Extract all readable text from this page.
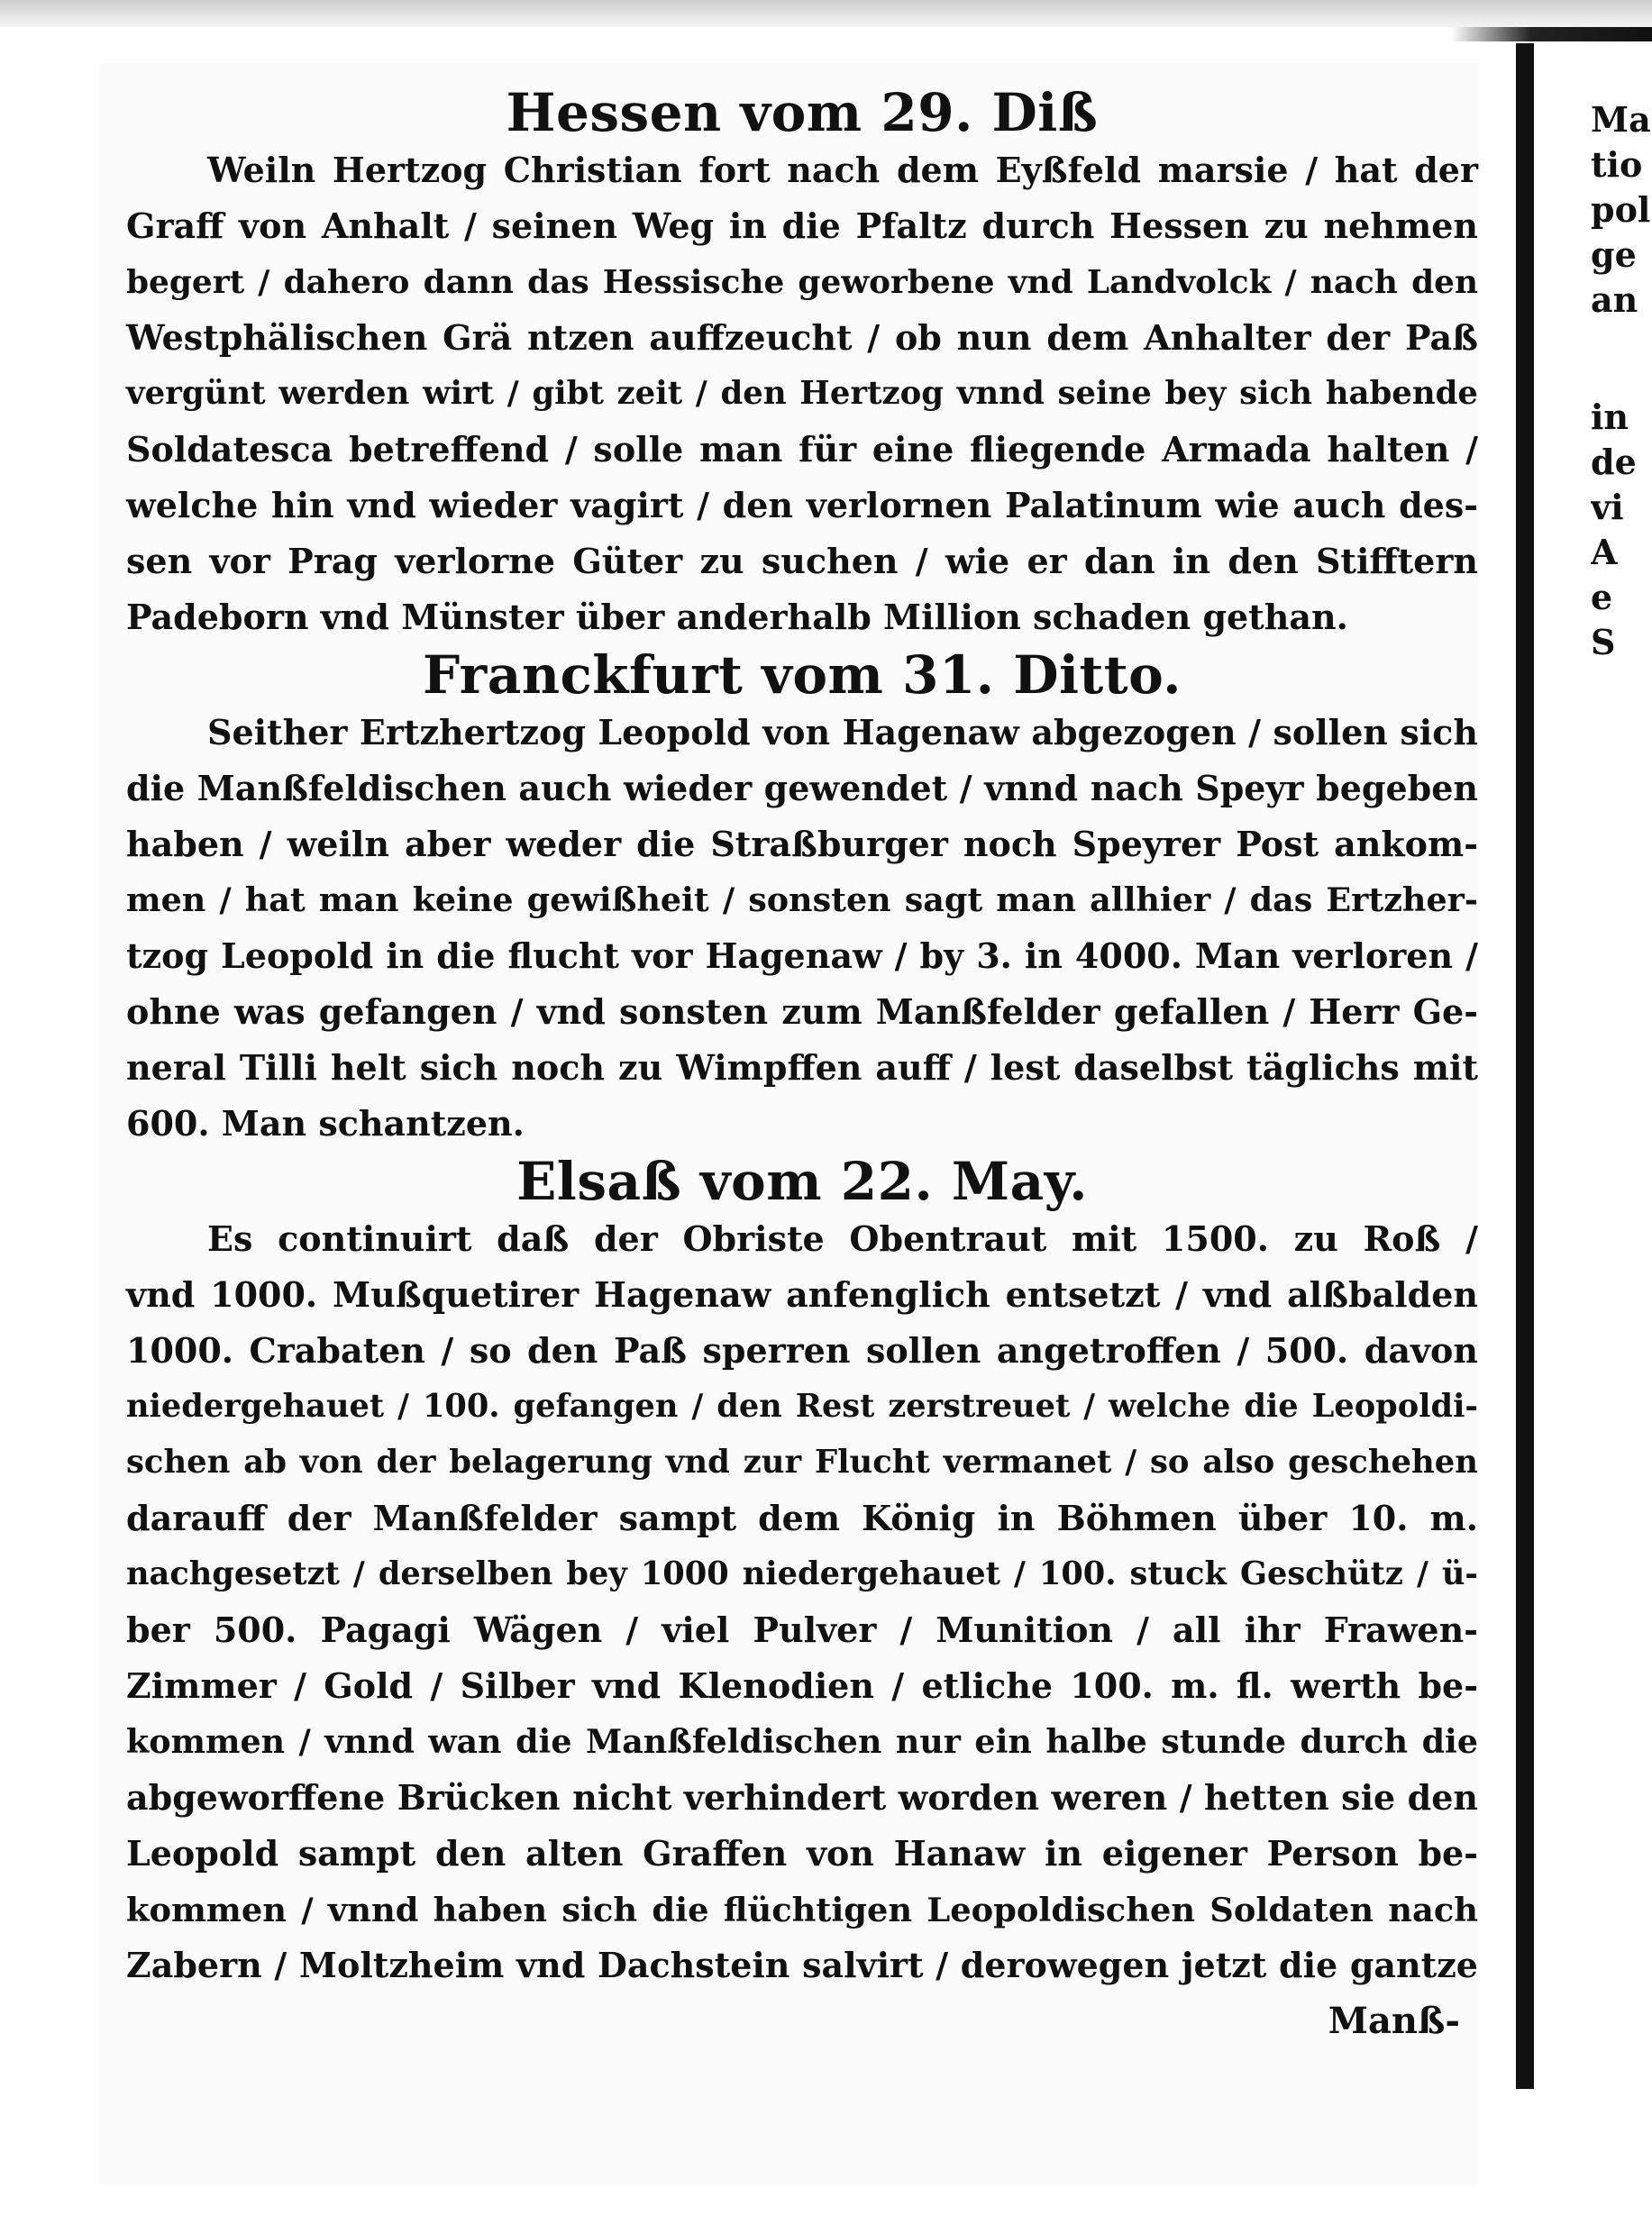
Ma
tio
pol
ge
an
in
de
vi
A
e
S
Hessen vom 29. Diß

Weiln Hertzog Christian fort nach dem Eyßfeld marsie / hat der

Graff von Anhalt / seinen Weg in die Pfaltz durch Hessen zu nehmen

begert / dahero dann das Hessische geworbene vnd Landvolck / nach den

Westphälischen Grä ntzen auffzeucht / ob nun dem Anhalter der Paß

vergünt werden wirt / gibt zeit / den Hertzog vnnd seine bey sich habende

Soldatesca betreffend / solle man für eine fliegende Armada halten /

welche hin vnd wieder vagirt / den verlornen Palatinum wie auch des-

sen vor Prag verlorne Güter zu suchen / wie er dan in den Stifftern

Padeborn vnd Münster über anderhalb Million schaden gethan.

Franckfurt vom 31. Ditto.

Seither Ertzhertzog Leopold von Hagenaw abgezogen / sollen sich

die Manßfeldischen auch wieder gewendet / vnnd nach Speyr begeben

haben / weiln aber weder die Straßburger noch Speyrer Post ankom-

men / hat man keine gewißheit / sonsten sagt man allhier / das Ertzher-

tzog Leopold in die flucht vor Hagenaw / by 3. in 4000. Man verloren /

ohne was gefangen / vnd sonsten zum Manßfelder gefallen / Herr Ge-

neral Tilli helt sich noch zu Wimpffen auff / lest daselbst täglichs mit

600. Man schantzen.

Elsaß vom 22. May.

Es continuirt daß der Obriste Obentraut mit 1500. zu Roß /

vnd 1000. Mußquetirer Hagenaw anfenglich entsetzt / vnd alßbalden

1000. Crabaten / so den Paß sperren sollen angetroffen / 500. davon

niedergehauet / 100. gefangen / den Rest zerstreuet / welche die Leopoldi-

schen ab von der belagerung vnd zur Flucht vermanet / so also geschehen

darauff der Manßfelder sampt dem König in Böhmen über 10. m.

nachgesetzt / derselben bey 1000 niedergehauet / 100. stuck Geschütz / ü-

ber 500. Pagagi Wägen / viel Pulver / Munition / all ihr Frawen-

Zimmer / Gold / Silber vnd Klenodien / etliche 100. m. fl. werth be-

kommen / vnnd wan die Manßfeldischen nur ein halbe stunde durch die

abgeworffene Brücken nicht verhindert worden weren / hetten sie den

Leopold sampt den alten Graffen von Hanaw in eigener Person be-

kommen / vnnd haben sich die flüchtigen Leopoldischen Soldaten nach

Zabern / Moltzheim vnd Dachstein salvirt / derowegen jetzt die gantze

Manß-
